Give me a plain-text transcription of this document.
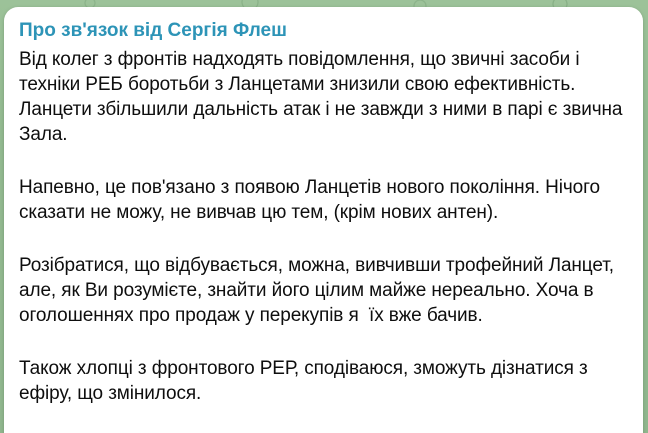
Про зв'язок від Сергія Флеш

Від колег з фронтів надходять повідомлення, що звичні засоби і техніки РЕБ боротьби з Ланцетами знизили свою ефективність. Ланцети збільшили дальність атак і не завжди з ними в парі є звична Зала.

Напевно, це пов'язано з появою Ланцетів нового покоління. Нічого сказати не можу, не вивчав цю тем, (крім нових антен).

Розібратися, що відбувається, можна, вивчивши трофейний Ланцет, але, як Ви розумієте, знайти його цілим майже нереально. Хоча в оголошеннях про продаж у перекупів я  їх вже бачив.

Також хлопці з фронтового РЕР, сподіваюся, зможуть дізнатися з ефіру, що змінилося.
